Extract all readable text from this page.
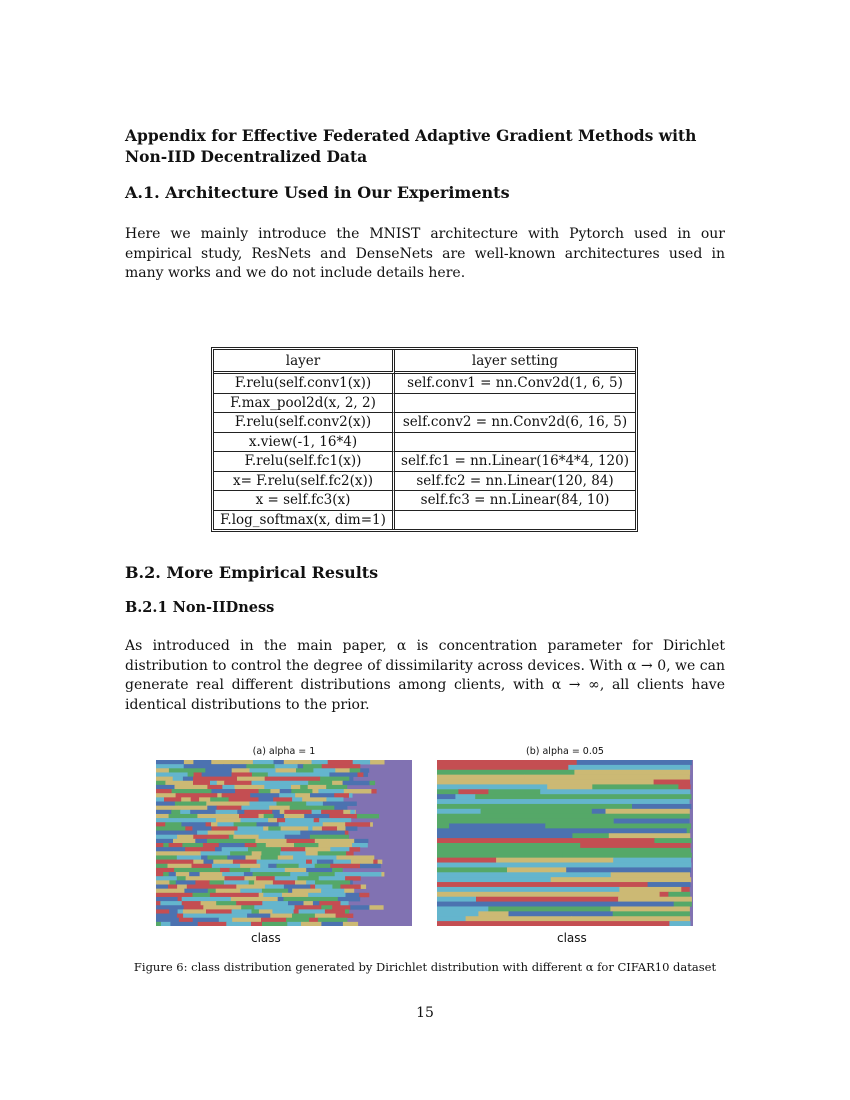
Appendix for Effective Federated Adaptive Gradient Methods with Non-IID Decentralized Data
A.1. Architecture Used in Our Experiments

Here we mainly introduce the MNIST architecture with Pytorch used in our empirical study, ResNets and DenseNets are well-known architectures used in many works and we do not include details here.

layer	layer setting
F.relu(self.conv1(x))	self.conv1 = nn.Conv2d(1, 6, 5)
F.max_pool2d(x, 2, 2)	
F.relu(self.conv2(x))	self.conv2 = nn.Conv2d(6, 16, 5)
x.view(-1, 16*4)	
F.relu(self.fc1(x))	self.fc1 = nn.Linear(16*4*4, 120)
x= F.relu(self.fc2(x))	self.fc2 = nn.Linear(120, 84)
x = self.fc3(x)	self.fc3 = nn.Linear(84, 10)
F.log_softmax(x, dim=1)	
B.2. More Empirical Results
B.2.1 Non-IIDness

As introduced in the main paper, α is concentration parameter for Dirichlet distribution to control the degree of dissimilarity across devices. With α → 0, we can generate real different distributions among clients, with α → ∞, all clients have identical distributions to the prior.

(a) alpha = 1
class
(b) alpha = 0.05
class

Figure 6: class distribution generated by Dirichlet distribution with different α for CIFAR10 dataset

15
